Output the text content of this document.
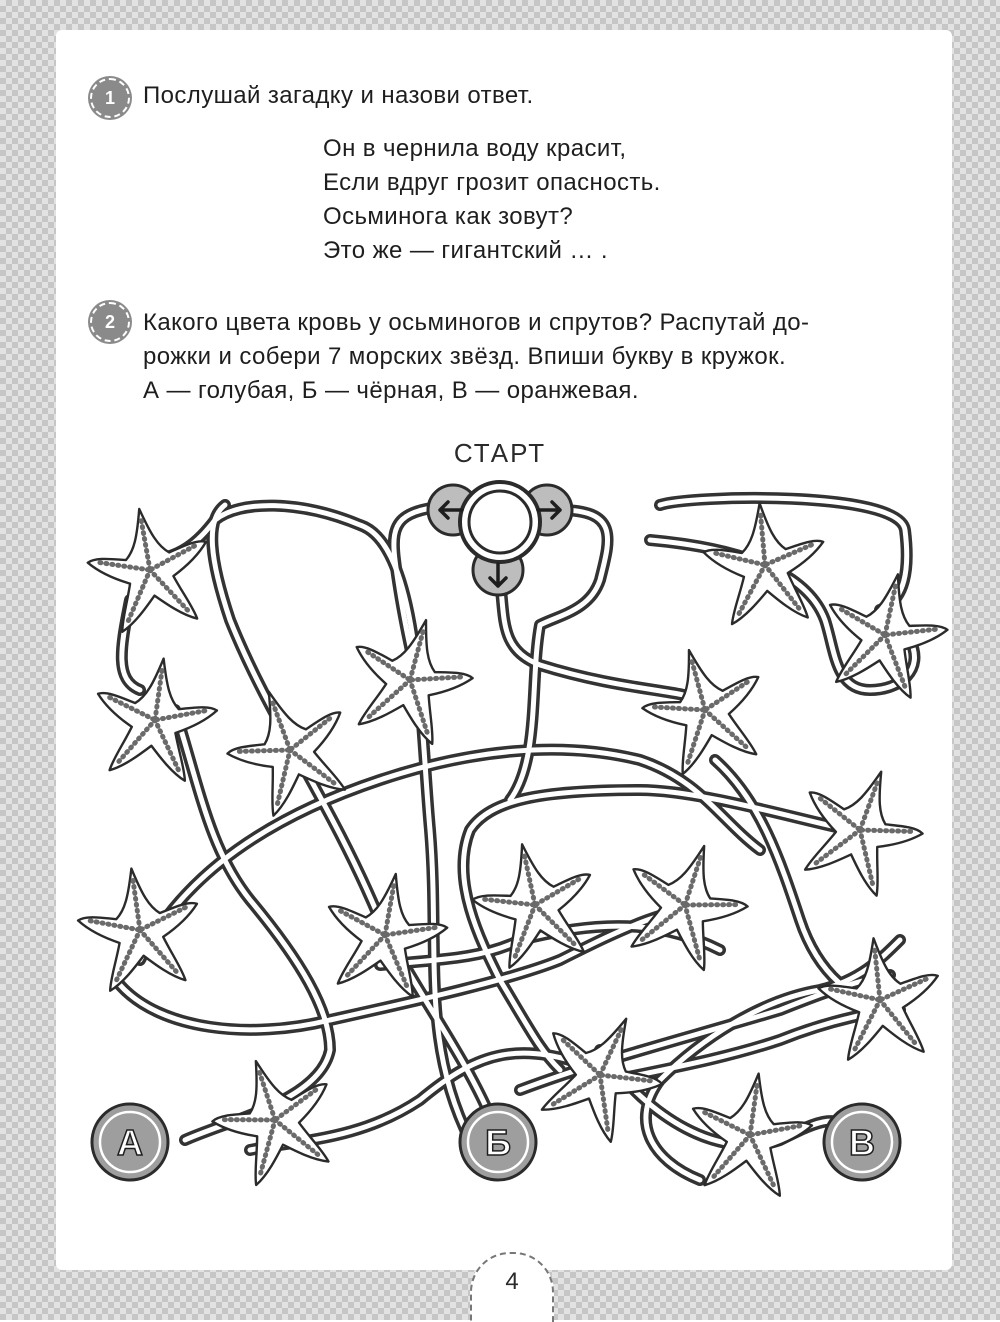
1 Послушай загадку и назови ответ.
Он в чернила воду красит,
Если вдруг грозит опасность.
Осьминога как зовут?
Это же — гигантский … .
2 Какого цвета кровь у осьминогов и спрутов? Распутай до-
рожки и собери 7 морских звёзд. Впиши букву в кружок.
А — голубая, Б — чёрная, В — оранжевая.
СТАРТ
А	Б	В
4
